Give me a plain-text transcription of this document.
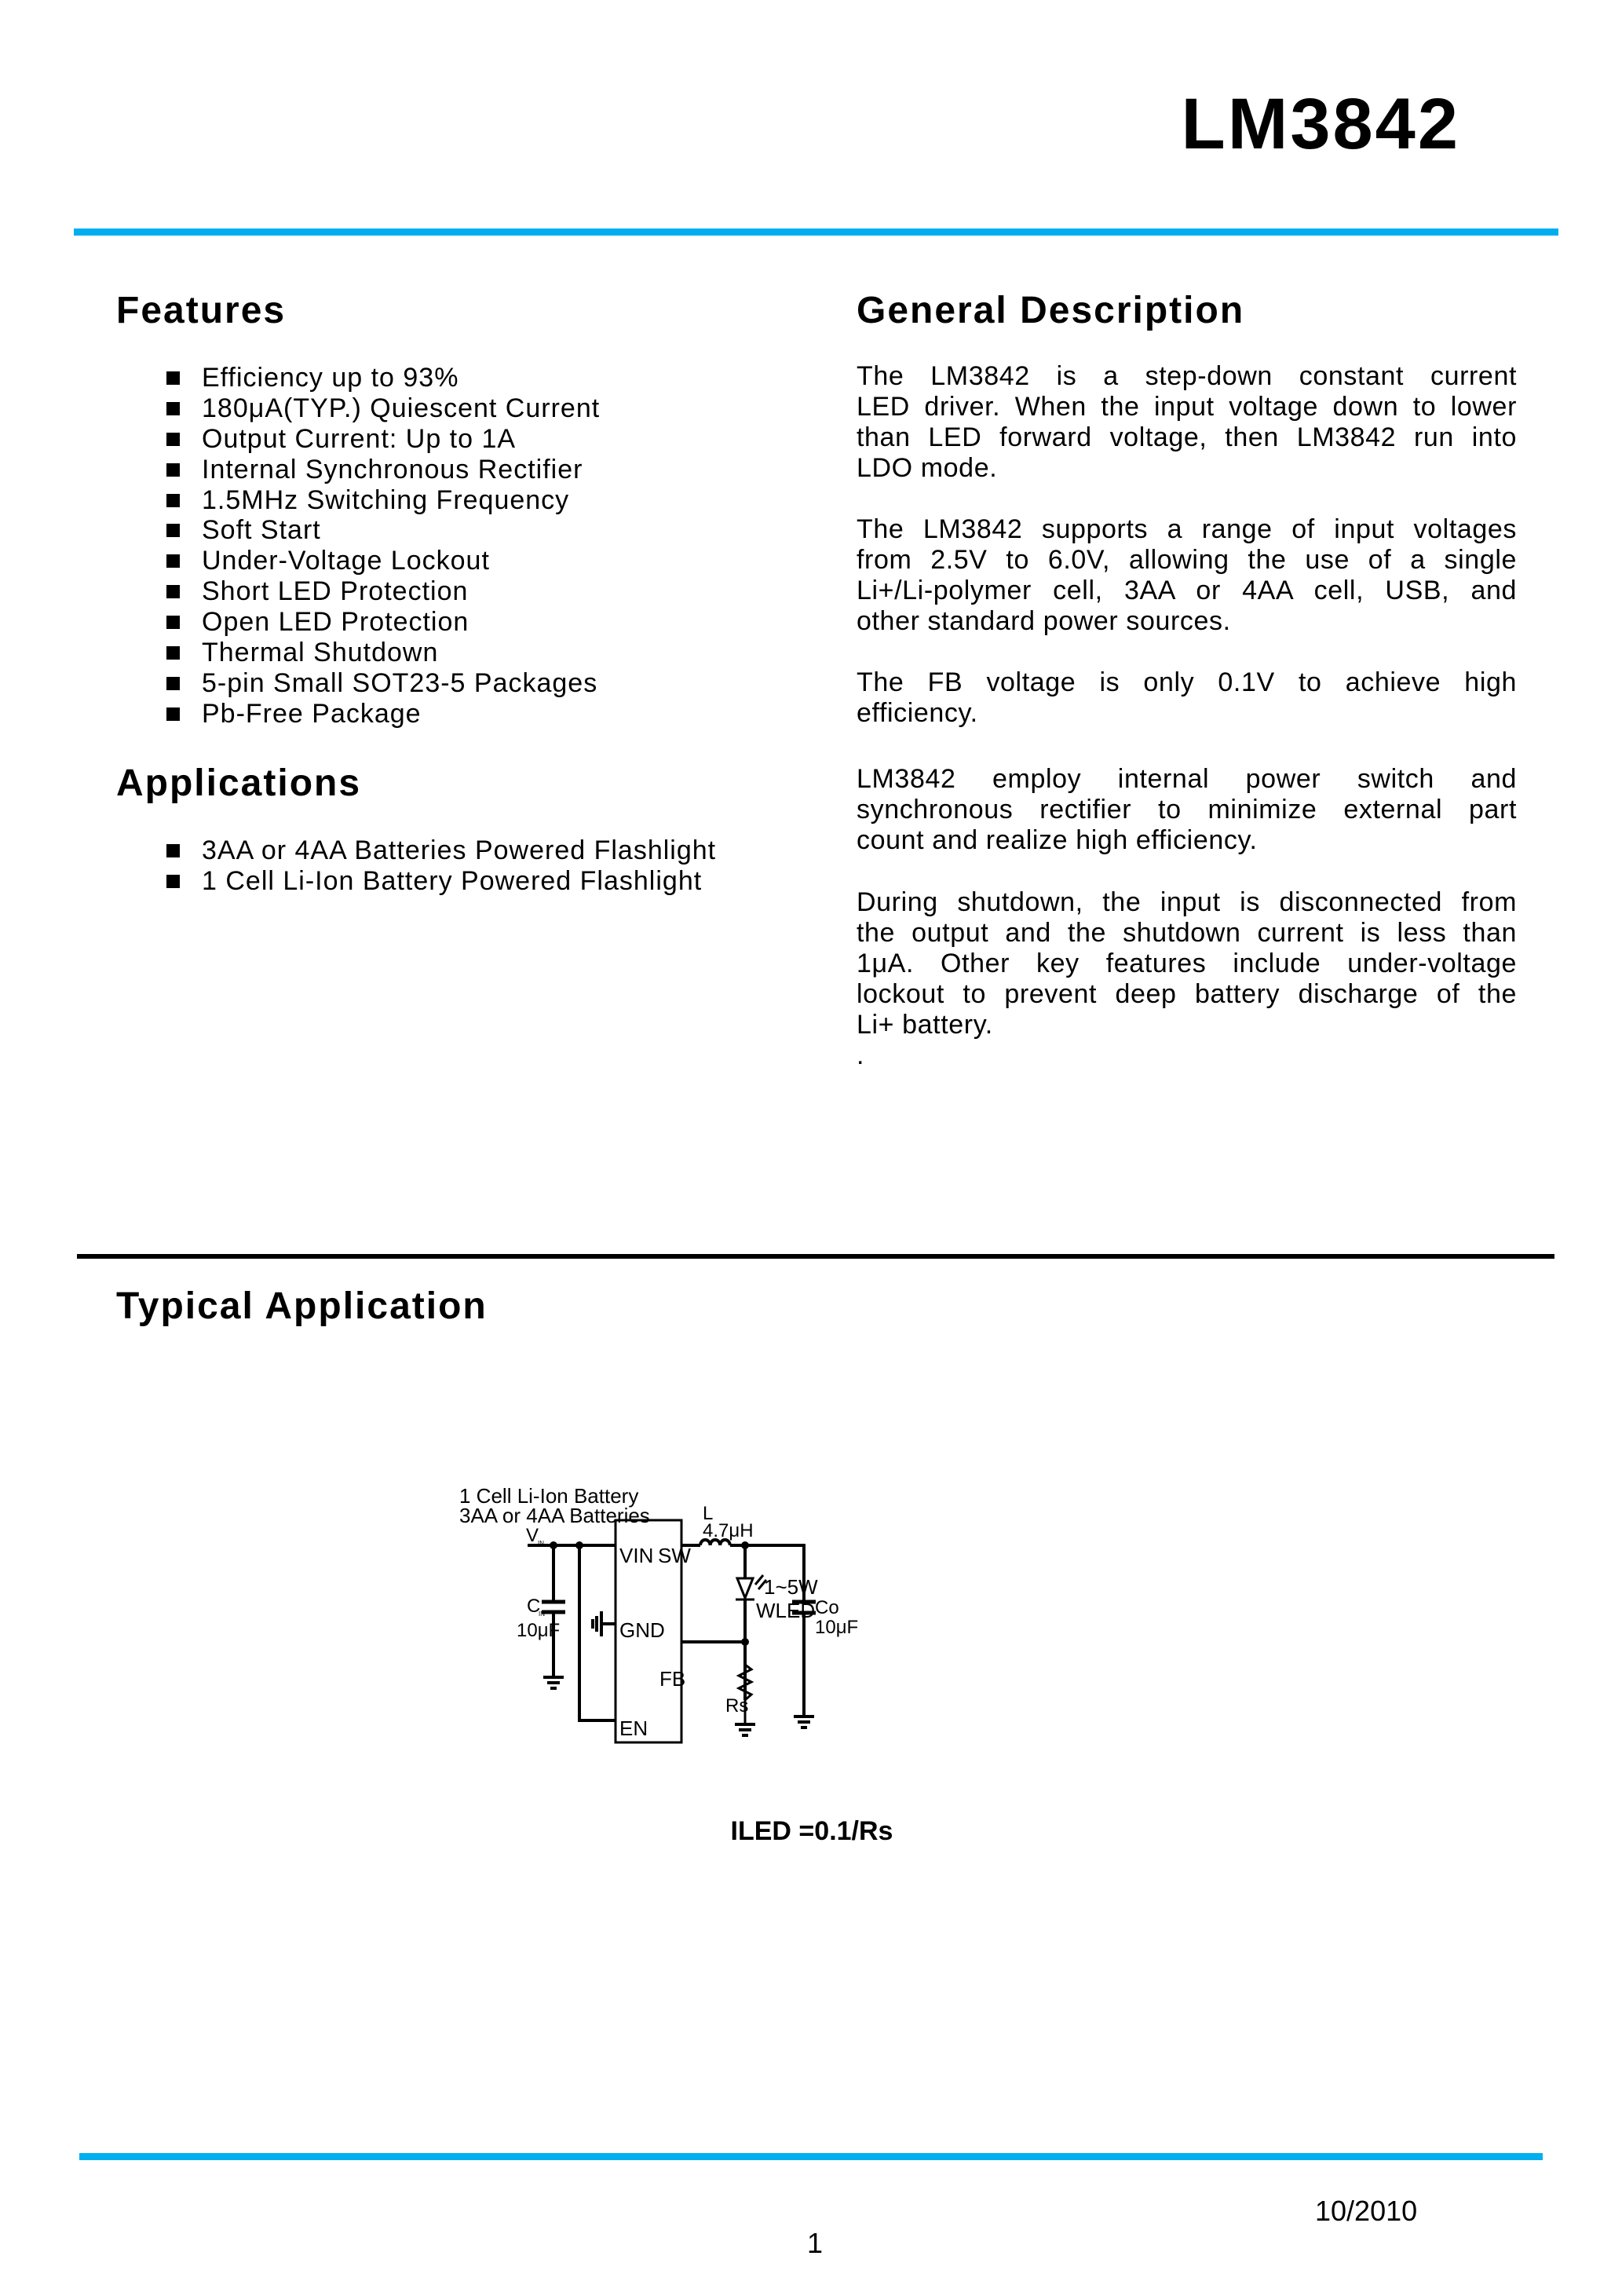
LM3842
Features
Efficiency up to 93%
180μA(TYP.) Quiescent Current
Output Current: Up to 1A
Internal Synchronous Rectifier
1.5MHz Switching Frequency
Soft Start
Under-Voltage Lockout
Short LED Protection
Open LED Protection
Thermal Shutdown
5-pin Small SOT23-5 Packages
Pb-Free Package
Applications
3AA or 4AA Batteries Powered Flashlight
1 Cell Li-Ion Battery Powered Flashlight
General Description
The LM3842 is a step-down constant current
LED driver. When the input voltage down to lower
than LED forward voltage, then LM3842 run into
LDO mode.
The LM3842 supports a range of input voltages
from 2.5V to 6.0V, allowing the use of a single
Li+/Li-polymer cell, 3AA or 4AA cell, USB, and
other standard power sources.
The FB voltage is only 0.1V to achieve high
efficiency.
LM3842 employ internal power switch and
synchronous rectifier to minimize external part
count and realize high efficiency.
During shutdown, the input is disconnected from
the output and the shutdown current is less than
1μA. Other key features include under-voltage
lockout to prevent deep battery discharge of the
Li+ battery.
.
Typical Application
1 Cell Li-Ion Battery
3AA or 4AA Batteries
V
IN
C
IN
10μF
VIN
GND
EN
SW
FB
L
4.7μH
1~5W
WLED Co
10μF
Rs
ILED =0.1/Rs
10/2010
1
